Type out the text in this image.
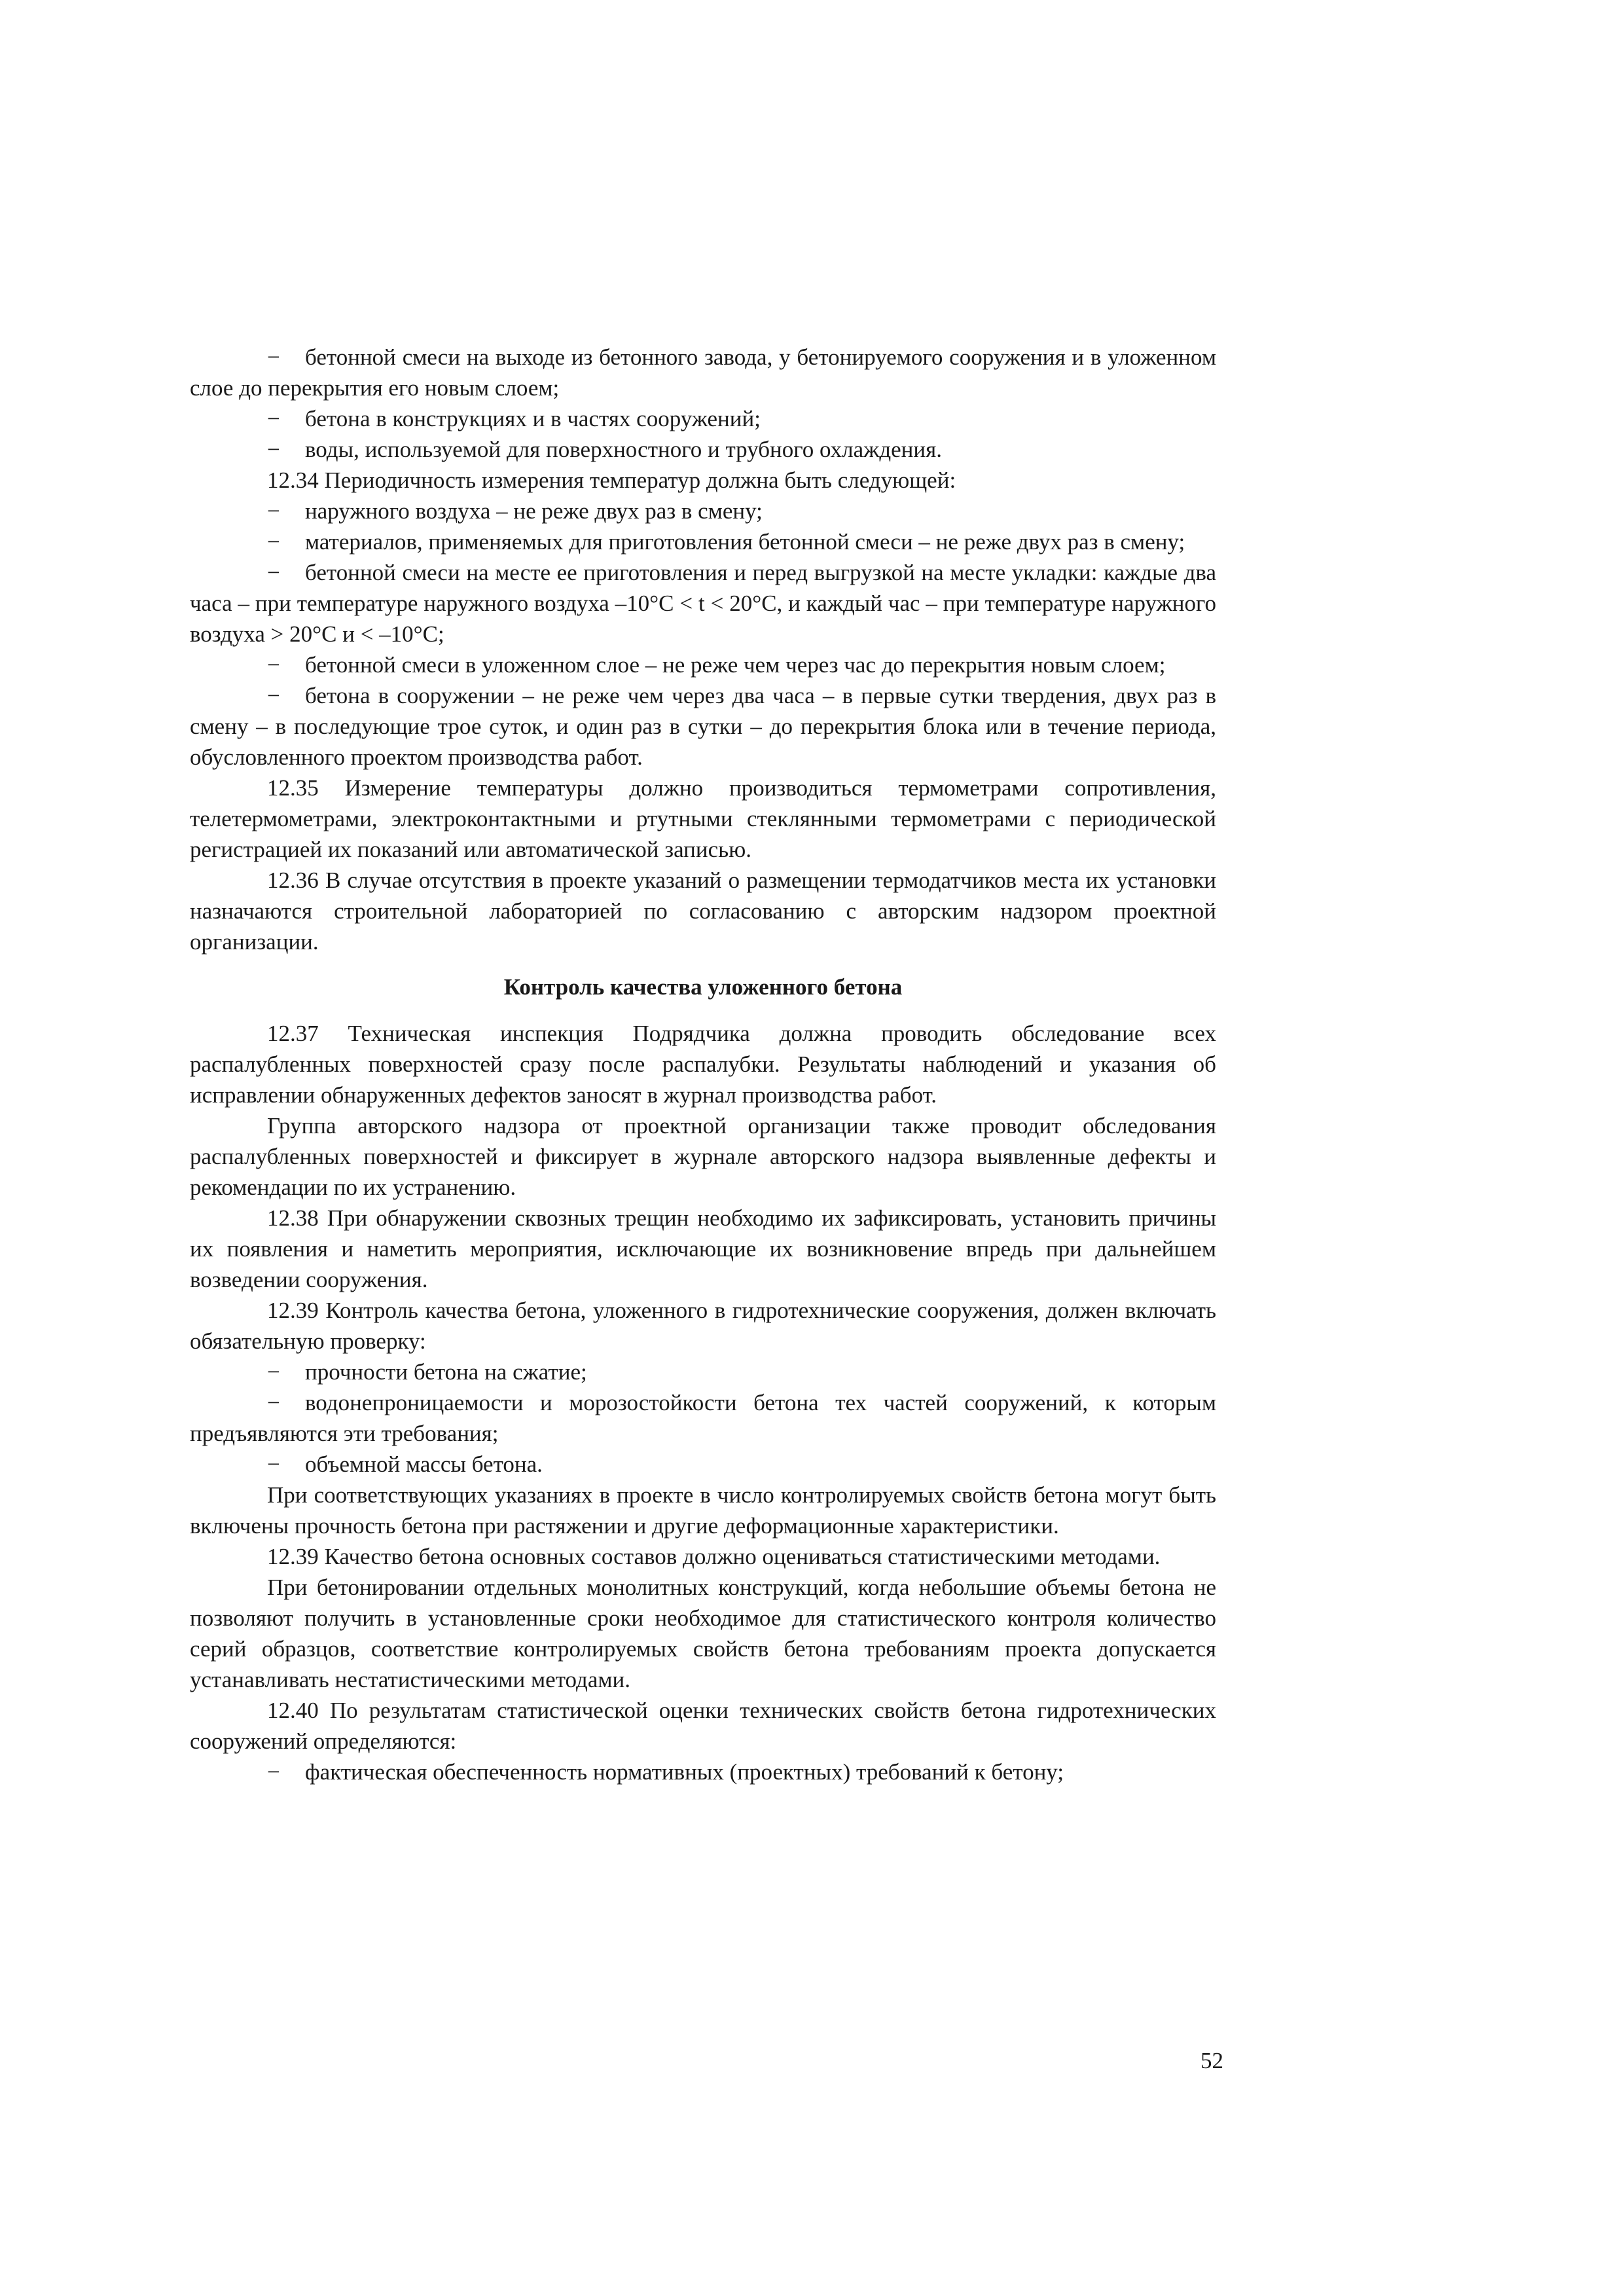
− бетонной смеси на выходе из бетонного завода, у бетонируемого сооружения и в уложенном слое до перекрытия его новым слоем;

− бетона в конструкциях и в частях сооружений;

− воды, используемой для поверхностного и трубного охлаждения.

12.34 Периодичность измерения температур должна быть следующей:

− наружного воздуха – не реже двух раз в смену;

− материалов, применяемых для приготовления бетонной смеси – не реже двух раз в смену;

− бетонной смеси на месте ее приготовления и перед выгрузкой на месте укладки: каждые два часа – при температуре наружного воздуха –10°С < t < 20°С, и каждый час – при температуре наружного воздуха > 20°С и < –10°С;

− бетонной смеси в уложенном слое – не реже чем через час до перекрытия новым слоем;

− бетона в сооружении – не реже чем через два часа – в первые сутки твердения, двух раз в смену – в последующие трое суток, и один раз в сутки – до перекрытия блока или в течение периода, обусловленного проектом производства работ.

12.35 Измерение температуры должно производиться термометрами сопротивления, телетермометрами, электроконтактными и ртутными стеклянными термометрами с периодической регистрацией их показаний или автоматической записью.

12.36 В случае отсутствия в проекте указаний о размещении термодатчиков места их установки назначаются строительной лабораторией по согласованию с авторским надзором проектной организации.

Контроль качества уложенного бетона

12.37 Техническая инспекция Подрядчика должна проводить обследование всех распалубленных поверхностей сразу после распалубки. Результаты наблюдений и указания об исправлении обнаруженных дефектов заносят в журнал производства работ.

Группа авторского надзора от проектной организации также проводит обследования распалубленных поверхностей и фиксирует в журнале авторского надзора выявленные дефекты и рекомендации по их устранению.

12.38 При обнаружении сквозных трещин необходимо их зафиксировать, установить причины их появления и наметить мероприятия, исключающие их возникновение впредь при дальнейшем возведении сооружения.

12.39 Контроль качества бетона, уложенного в гидротехнические сооружения, должен включать обязательную проверку:

− прочности бетона на сжатие;

− водонепроницаемости и морозостойкости бетона тех частей сооружений, к которым предъявляются эти требования;

− объемной массы бетона.

При соответствующих указаниях в проекте в число контролируемых свойств бетона могут быть включены прочность бетона при растяжении и другие деформационные характеристики.

12.39 Качество бетона основных составов должно оцениваться статистическими методами.

При бетонировании отдельных монолитных конструкций, когда небольшие объемы бетона не позволяют получить в установленные сроки необходимое для статистического контроля количество серий образцов, соответствие контролируемых свойств бетона требованиям проекта допускается устанавливать нестатистическими методами.

12.40 По результатам статистической оценки технических свойств бетона гидротехнических сооружений определяются:

− фактическая обеспеченность нормативных (проектных) требований к бетону;

52
